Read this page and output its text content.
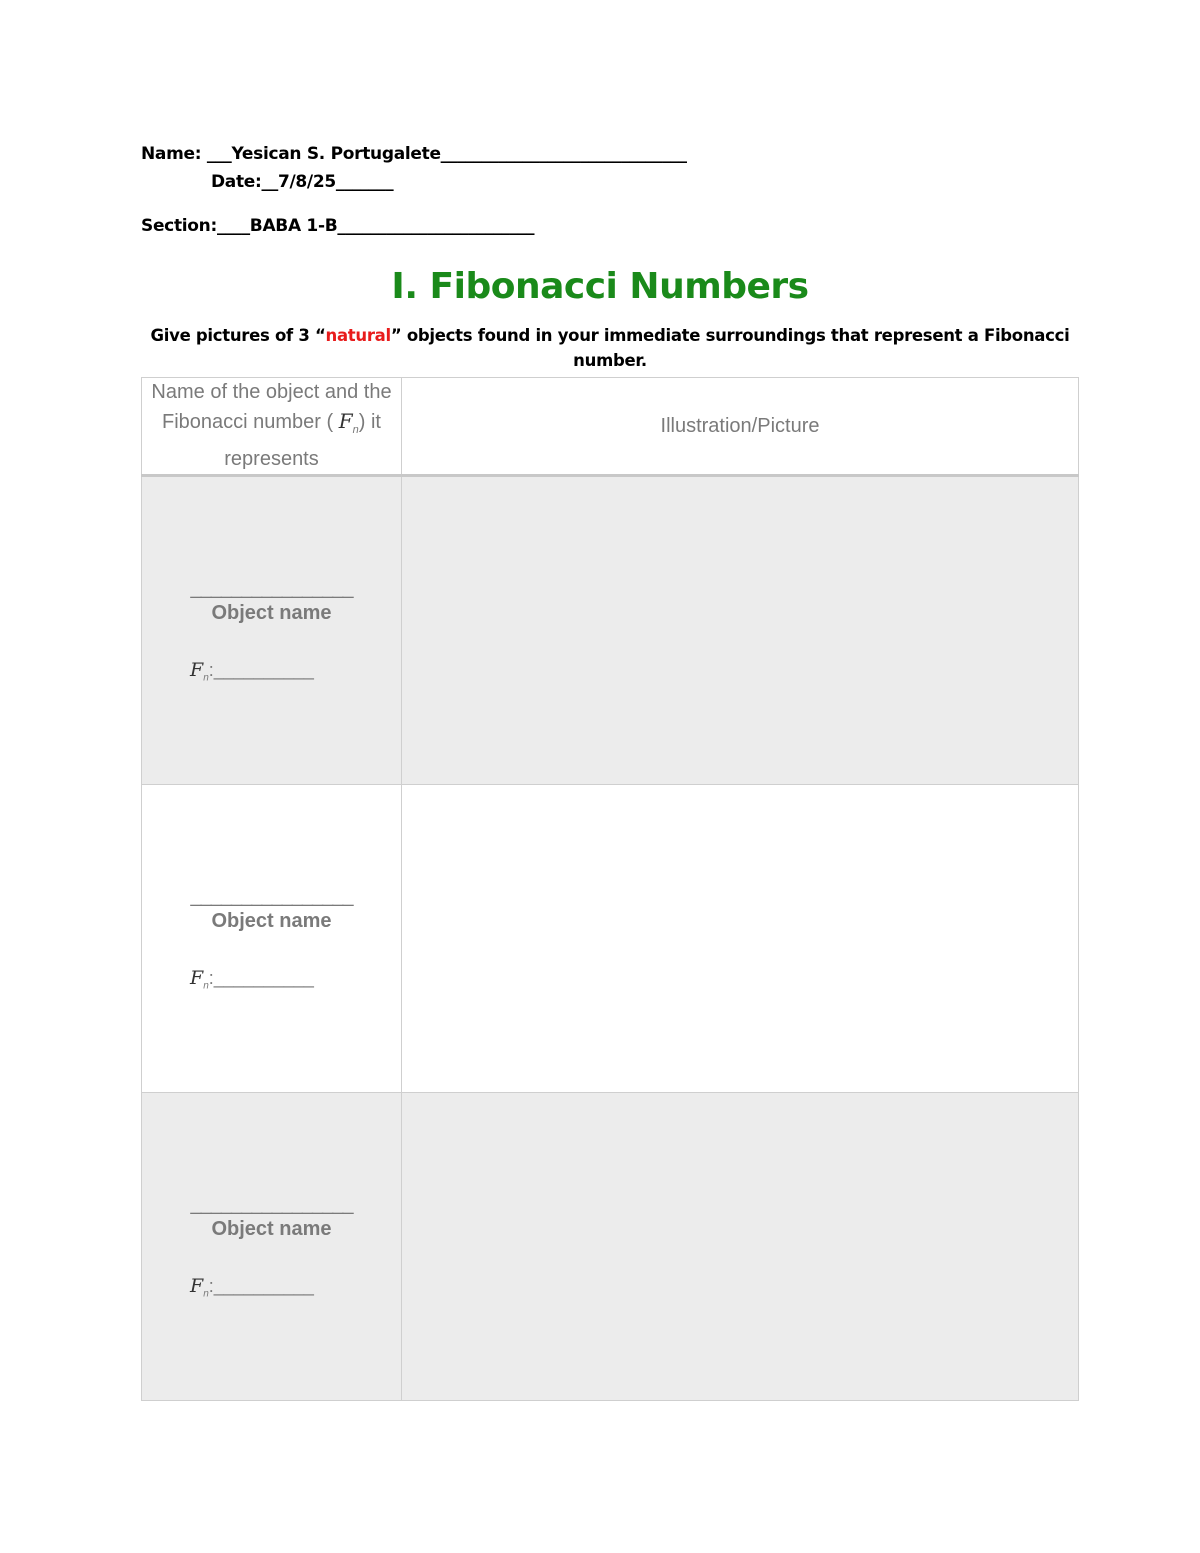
Name: ___Yesican S. Portugalete______________________________
Date:__7/8/25_______
Section:____BABA 1-B________________________
I. Fibonacci Numbers
Give pictures of 3 “natural” objects found in your immediate surroundings that represent a Fibonacci number.
Name of the object and the Fibonacci number ( $F_n$) it represents	Illustration/Picture

________________
Object name
$F_n:\_\_\_\_\_\_\_\_\_\_$	

________________
Object name
$F_n:\_\_\_\_\_\_\_\_\_\_$	

________________
Object name
$F_n:\_\_\_\_\_\_\_\_\_\_$	
